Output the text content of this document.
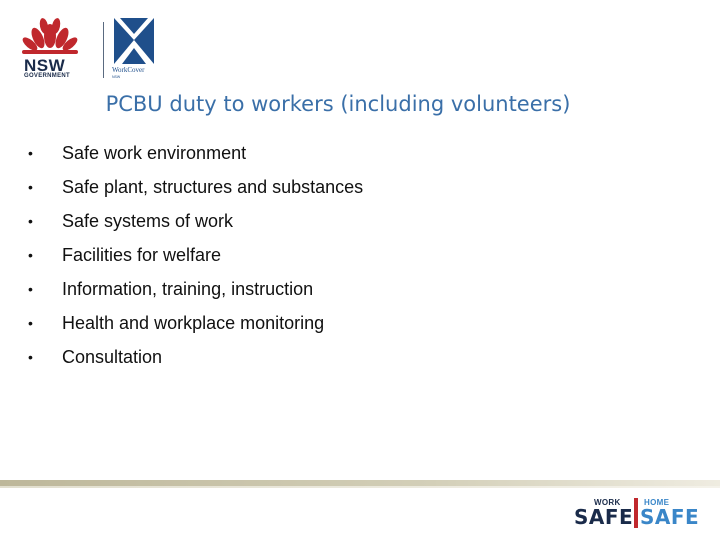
NSW
GOVERNMENT
WorkCover
NSW
PCBU duty to workers (including volunteers)
• Safe work environment
• Safe plant, structures and substances
• Safe systems of work
• Facilities for welfare
• Information, training, instruction
• Health and workplace monitoring
• Consultation
WORK	HOME
SAFE SAFE
